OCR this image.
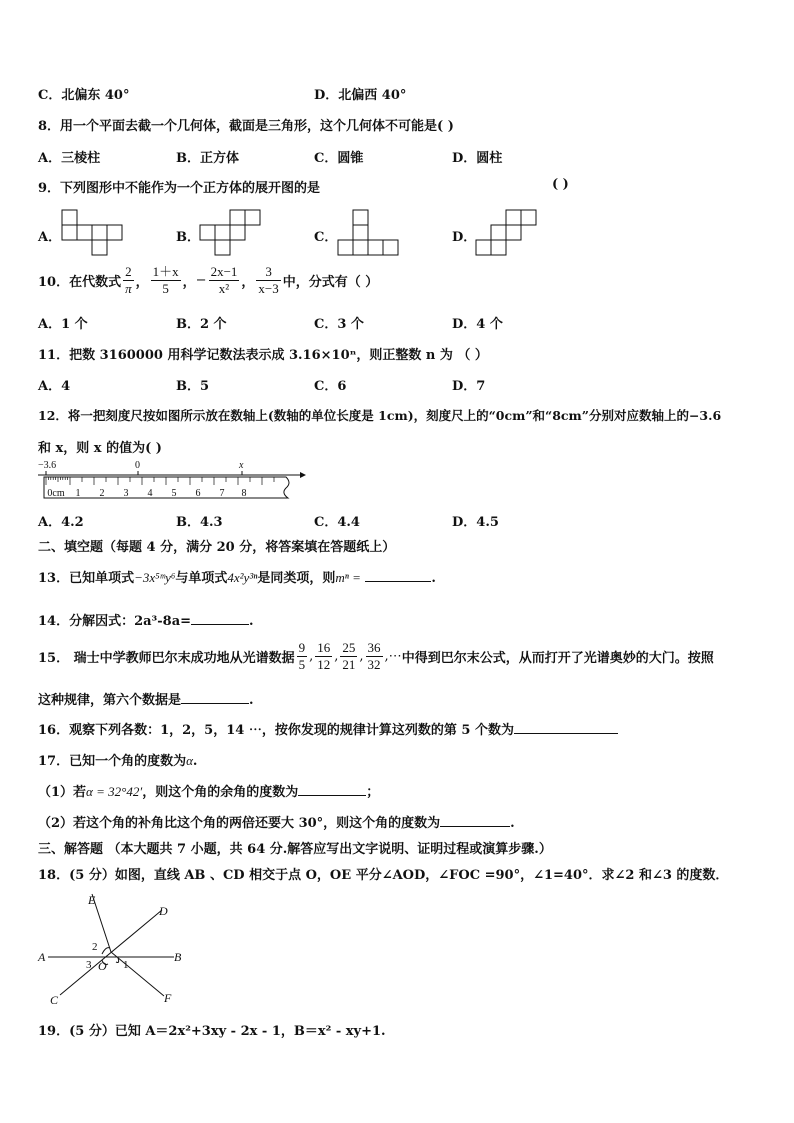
C．北偏东 40°	D．北偏西 40°
8．用一个平面去截一个几何体，截面是三角形，这个几何体不可能是( )
A．三棱柱	B．正方体	C．圆锥	D．圆柱
9．下列图形中不能作为一个正方体的展开图的是	( )
A．	B．	C．	D．
10．在代数式 $\frac{2}{\pi}$ ， $\frac{1+x}{5}$ ， − $\frac{2x-1}{\text{x²}}$ ， $\frac{3}{x-3}$ 中，分式有（ ）
A．1 个	B．2 个	C．3 个	D．4 个
11．把数 3160000 用科学记数法表示成 3.16×10ⁿ，则正整数 n 为 （ ）
A．4	B．5	C．6	D．7
12．将一把刻度尺按如图所示放在数轴上(数轴的单位长度是 1cm)，刻度尺上的“0cm”和“8cm”分别对应数轴上的−3.6
和 x，则 x 的值为( )
−3.6	0	x
0cm 1 2 3 4 5 6 7 8
A．4.2	B．4.3	C．4.4	D．4.5
二、填空题（每题 4 分，满分 20 分，将答案填在答题纸上）
13．已知单项式−3x⁵ᵐy⁶与单项式4x²y³ⁿ是同类项，则mⁿ =	.
14．分解因式：2a³-8a=	.
15． 瑞士中学教师巴尔末成功地从光谱数据 $\frac{9}{5}$ , $\frac{16}{12}$ , $\frac{25}{21}$ , $\frac{36}{32}$ ,⋯ 中得到巴尔末公式，从而打开了光谱奥妙的大门。按照
这种规律，第六个数据是	.
16．观察下列各数：1，2，5，14 ⋯，按你发现的规律计算这列数的第 5 个数为
17．已知一个角的度数为α.
（1）若α = 32°42′，则这个角的余角的度数为	；
（2）若这个角的补角比这个角的两倍还要大 30°，则这个角的度数为	.
三、解答题 （本大题共 7 小题，共 64 分.解答应写出文字说明、证明过程或演算步骤.）
18．(5 分）如图，直线 AB 、CD 相交于点 O，OE 平分∠AOD，∠FOC =90°，∠1=40°．求∠2 和∠3 的度数．
A	B
C
D
E
F
O 1
2
3
19．(5 分）已知 A＝2x²+3xy - 2x - 1，B＝x² - xy+1.
